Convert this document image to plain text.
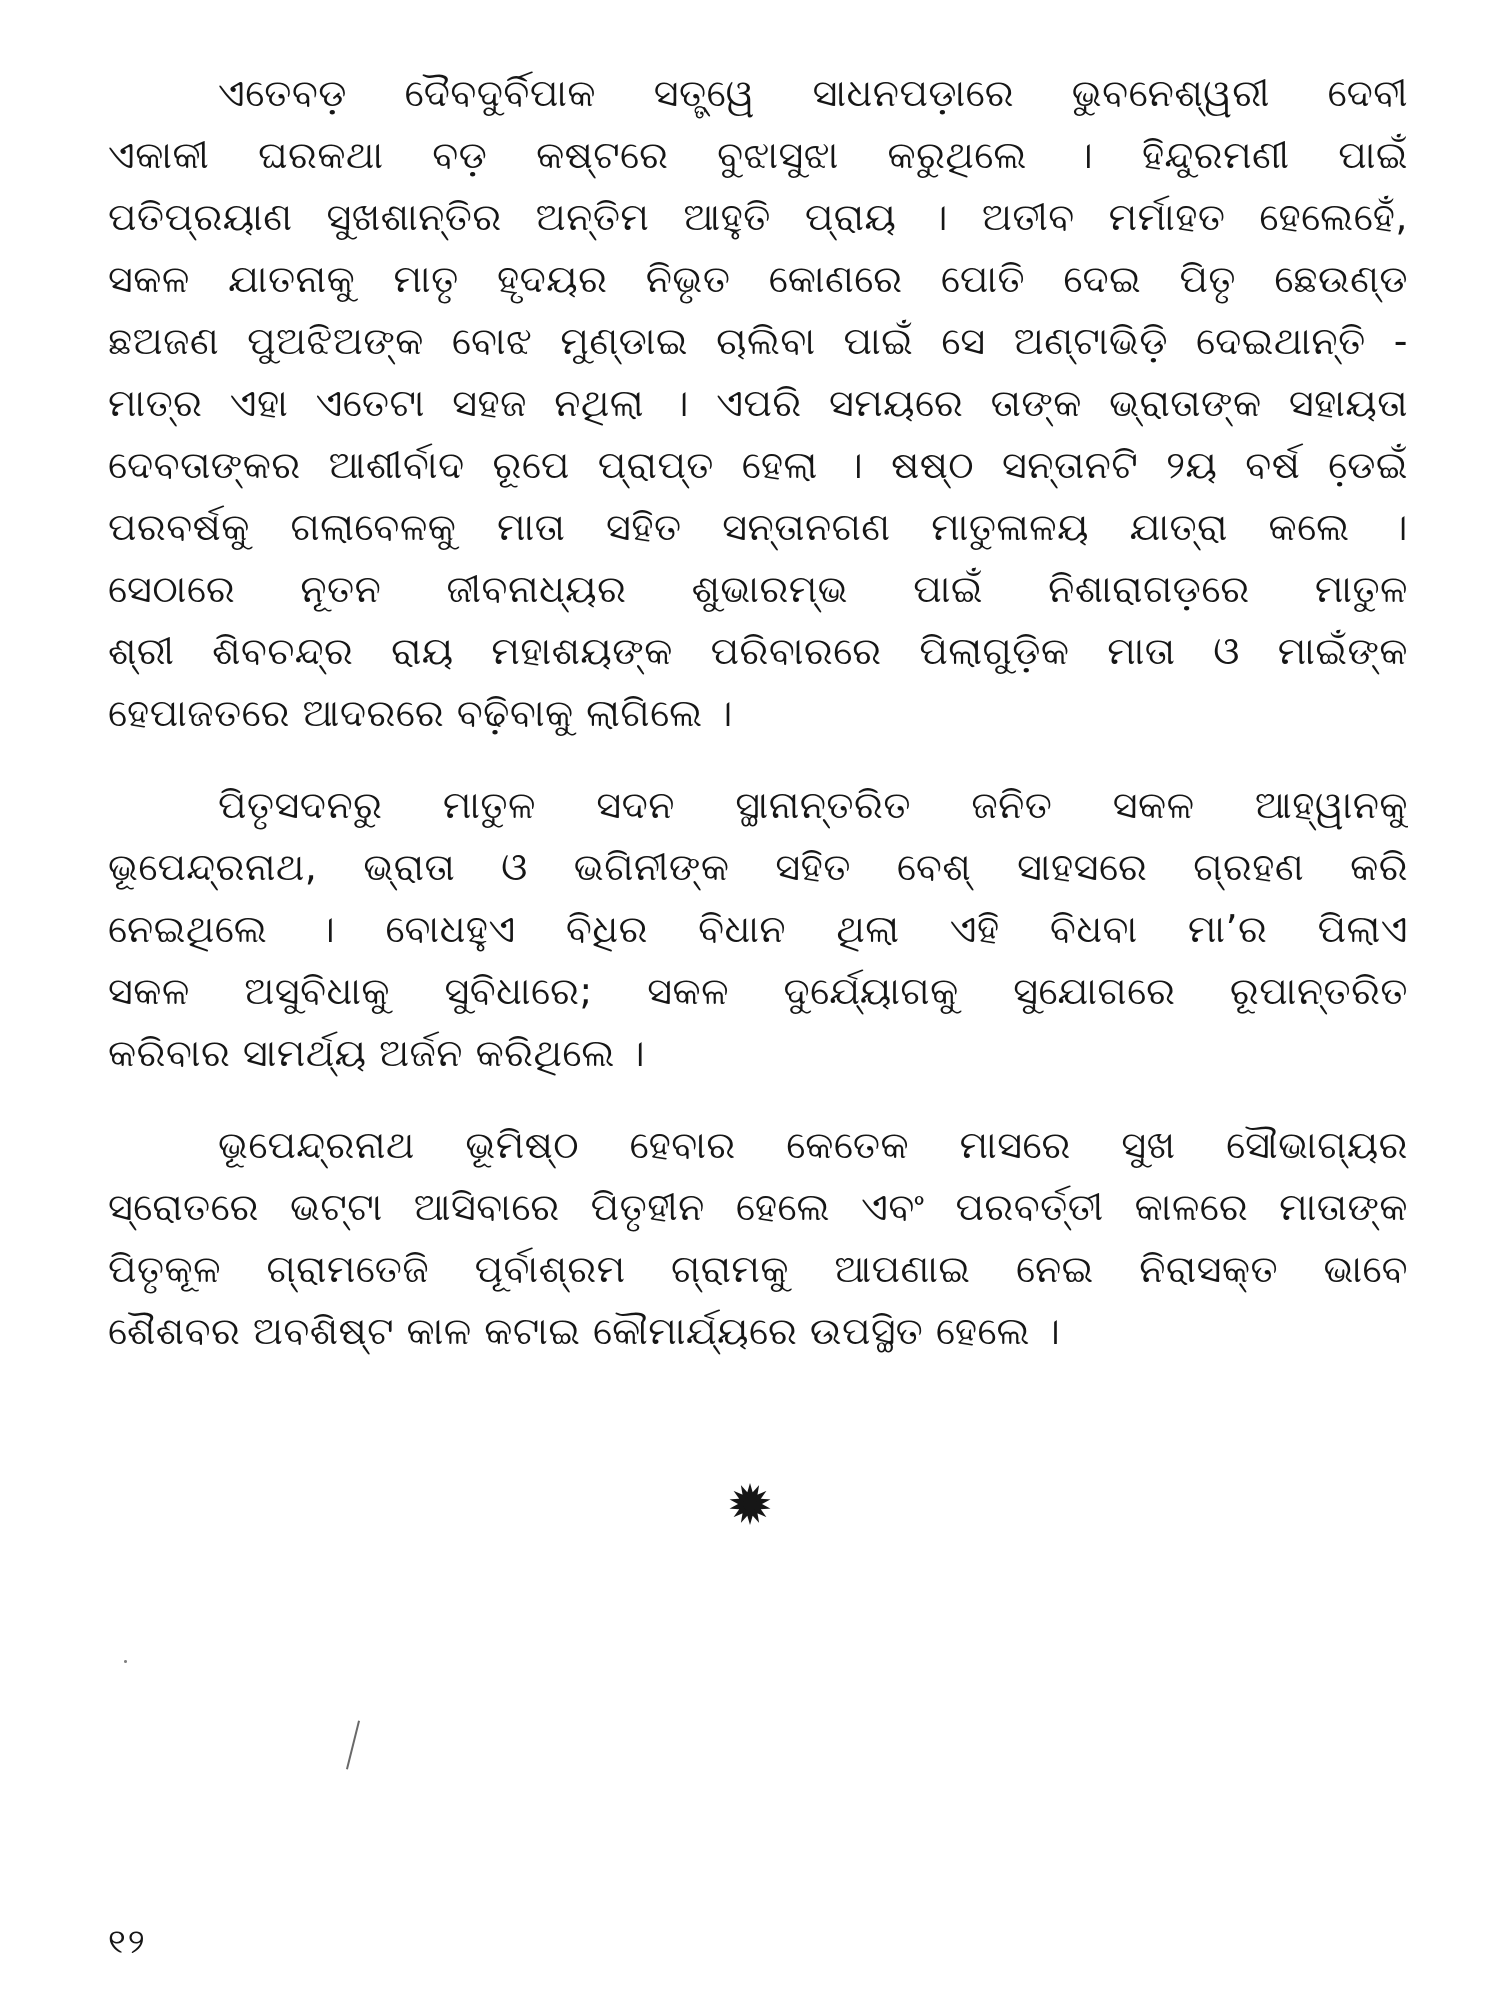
ଏତେବଡ଼ ଦୈବଦୁର୍ବିପାକ ସତ୍ତ୍ୱେ ସାଧନପଡ଼ାରେ ଭୁବନେଶ୍ୱରୀ ଦେବୀ
ଏକାକୀ ଘରକଥା ବଡ଼ କଷ୍ଟରେ ବୁଝାସୁଝା କରୁଥିଲେ । ହିନ୍ଦୁରମଣୀ ପାଇଁ
ପତିପ୍ରୟାଣ ସୁଖଶାନ୍ତିର ଅନ୍ତିମ ଆହୁତି ପ୍ରାୟ । ଅତୀବ ମର୍ମାହତ ହେଲେହେଁ,
ସକଳ ଯାତନାକୁ ମାତୃ ହୃଦୟର ନିଭୃତ କୋଣରେ ପୋତି ଦେଇ ପିତୃ ଛେଉଣ୍ଡ
ଛଅଜଣ ପୁଅଝିଅଙ୍କ ବୋଝ ମୁଣ୍ଡାଇ ଚାଲିବା ପାଇଁ ସେ ଅଣ୍ଟାଭିଡ଼ି ଦେଇଥାନ୍ତି -
ମାତ୍ର ଏହା ଏତେଟା ସହଜ ନଥିଲା । ଏପରି ସମୟରେ ତାଙ୍କ ଭ୍ରାତାଙ୍କ ସହାୟତା
ଦେବତାଙ୍କର ଆଶୀର୍ବାଦ ରୂପେ ପ୍ରାପ୍ତ ହେଲା । ଷଷ୍ଠ ସନ୍ତାନଟି ୨ୟ ବର୍ଷ ଡେ଼ଇଁ
ପରବର୍ଷକୁ ଗଲାବେଳକୁ ମାତା ସହିତ ସନ୍ତାନଗଣ ମାତୁଳାଳୟ ଯାତ୍ରା କଲେ ।
ସେଠାରେ ନୂତନ ଜୀବନାଧ୍ୟର ଶୁଭାରମ୍ଭ ପାଇଁ ନିଶାରାଗଡ଼ରେ ମାତୁଳ
ଶ୍ରୀ ଶିବଚନ୍ଦ୍ର ରାୟ ମହାଶୟଙ୍କ ପରିବାରରେ ପିଲାଗୁଡ଼ିକ ମାତା ଓ ମାଇଁଙ୍କ
ହେପାଜତରେ ଆଦରରେ ବଢ଼ିବାକୁ ଲାଗିଲେ ।
ପିତୃସଦନରୁ ମାତୁଳ ସଦନ ସ୍ଥାନାନ୍ତରିତ ଜନିତ ସକଳ ଆହ୍ୱାନକୁ
ଭୂପେନ୍ଦ୍ରନାଥ, ଭ୍ରାତା ଓ ଭଗିନୀଙ୍କ ସହିତ ବେଶ୍ ସାହସରେ ଗ୍ରହଣ କରି
ନେଇଥିଲେ । ବୋଧହୁଏ ବିଧିର ବିଧାନ ଥିଲା ଏହି ବିଧବା ମା’ର ପିଲାଏ
ସକଳ ଅସୁବିଧାକୁ ସୁବିଧାରେ; ସକଳ ଦୁର୍ଯ୍ୟୋଗକୁ ସୁଯୋଗରେ ରୂପାନ୍ତରିତ
କରିବାର ସାମର୍ଥ୍ୟ ଅର୍ଜନ କରିଥିଲେ ।
ଭୂପେନ୍ଦ୍ରନାଥ ଭୂମିଷ୍ଠ ହେବାର କେତେକ ମାସରେ ସୁଖ ସୌଭାଗ୍ୟର
ସ୍ରୋତରେ ଭଟ୍ଟା ଆସିବାରେ ପିତୃହୀନ ହେଲେ ଏବଂ ପରବର୍ତ୍ତୀ କାଳରେ ମାତାଙ୍କ
ପିତୃକୂଳ ଗ୍ରାମତେଜି ପୂର୍ବାଶ୍ରମ ଗ୍ରାମକୁ ଆପଣାଇ ନେଇ ନିରାସକ୍ତ ଭାବେ
ଶୈଶବର ଅବଶିଷ୍ଟ କାଳ କଟାଇ କୌମାର୍ଯ୍ୟରେ ଉପସ୍ଥିତ ହେଲେ ।
୧୨
